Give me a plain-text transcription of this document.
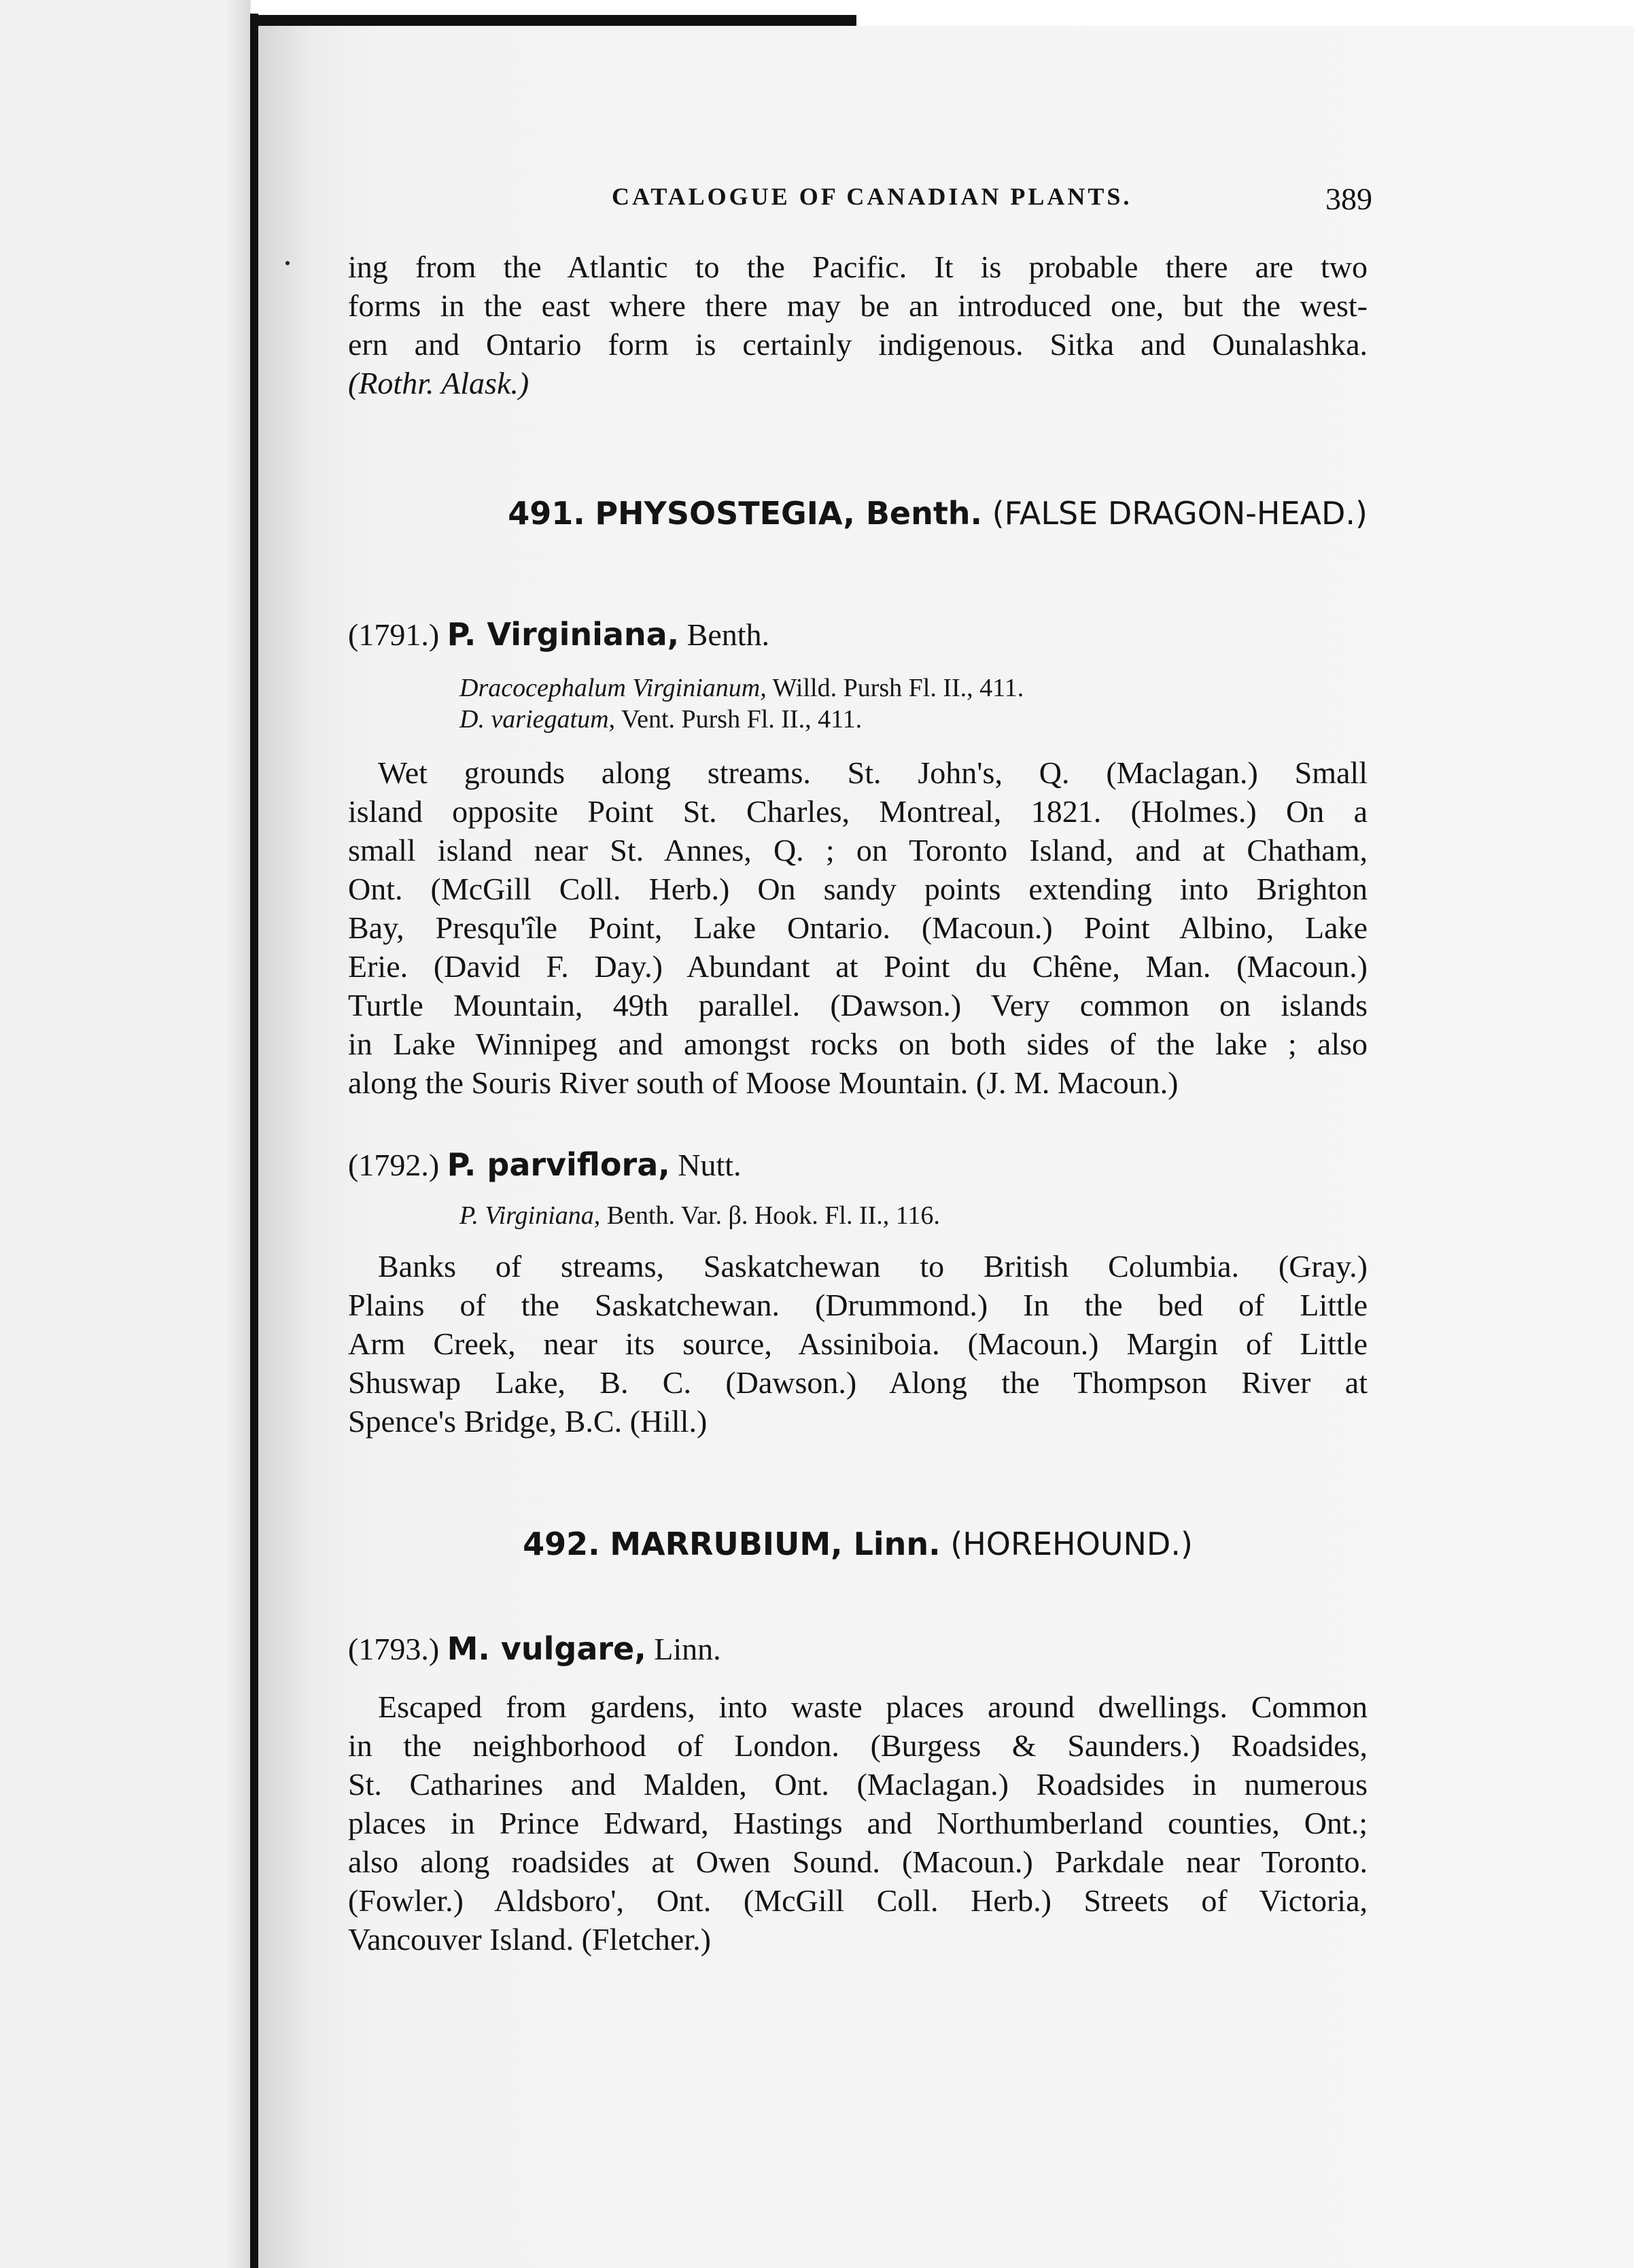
CATALOGUE OF CANADIAN PLANTS.	389
ing from the Atlantic to the Pacific. It is probable there are two
forms in the east where there may be an introduced one, but the west-
ern and Ontario form is certainly indigenous. Sitka and Ounalashka.
(Rothr. Alask.)
491. PHYSOSTEGIA, Benth. (FALSE DRAGON-HEAD.)
(1791.) P. Virginiana, Benth.
Dracocephalum Virginianum, Willd. Pursh Fl. II., 411.
D. variegatum, Vent. Pursh Fl. II., 411.
Wet grounds along streams. St. John's, Q. (Maclagan.) Small
island opposite Point St. Charles, Montreal, 1821. (Holmes.) On a
small island near St. Annes, Q. ; on Toronto Island, and at Chatham,
Ont. (McGill Coll. Herb.) On sandy points extending into Brighton
Bay, Presqu'île Point, Lake Ontario. (Macoun.) Point Albino, Lake
Erie. (David F. Day.) Abundant at Point du Chêne, Man. (Macoun.)
Turtle Mountain, 49th parallel. (Dawson.) Very common on islands
in Lake Winnipeg and amongst rocks on both sides of the lake ; also
along the Souris River south of Moose Mountain. (J. M. Macoun.)
(1792.) P. parviflora, Nutt.
P. Virginiana, Benth. Var. β. Hook. Fl. II., 116.
Banks of streams, Saskatchewan to British Columbia. (Gray.)
Plains of the Saskatchewan. (Drummond.) In the bed of Little
Arm Creek, near its source, Assiniboia. (Macoun.) Margin of Little
Shuswap Lake, B. C. (Dawson.) Along the Thompson River at
Spence's Bridge, B.C. (Hill.)
492. MARRUBIUM, Linn. (HOREHOUND.)
(1793.) M. vulgare, Linn.
Escaped from gardens, into waste places around dwellings. Common
in the neighborhood of London. (Burgess & Saunders.) Roadsides,
St. Catharines and Malden, Ont. (Maclagan.) Roadsides in numerous
places in Prince Edward, Hastings and Northumberland counties, Ont.;
also along roadsides at Owen Sound. (Macoun.) Parkdale near Toronto.
(Fowler.) Aldsboro', Ont. (McGill Coll. Herb.) Streets of Victoria,
Vancouver Island. (Fletcher.)
